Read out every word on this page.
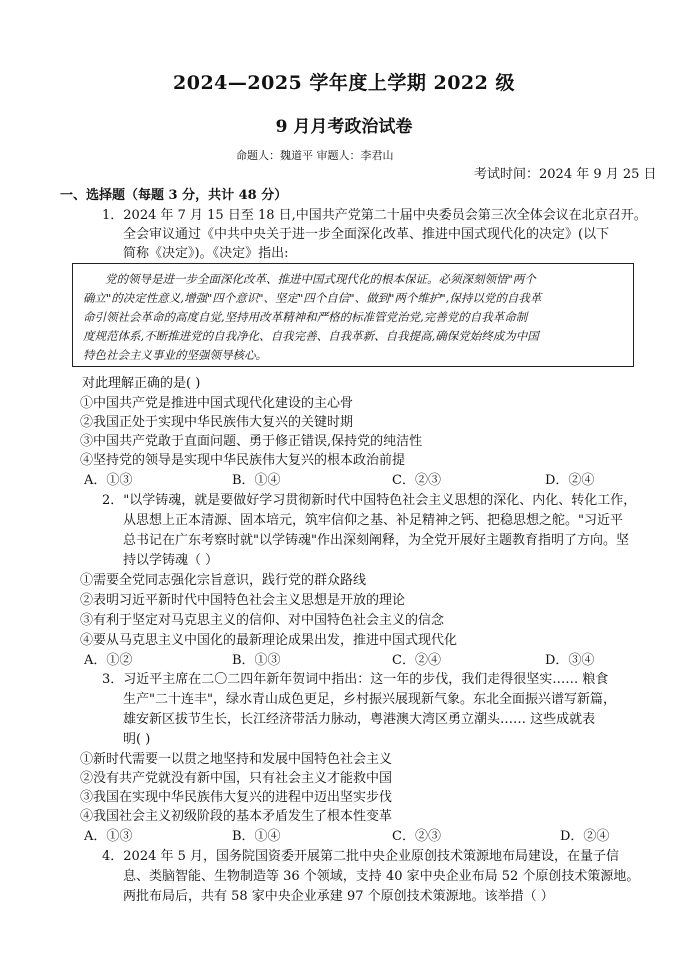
2024—2025 学年度上学期 2022 级
9 月月考政治试卷
命题人：魏道平 审题人：李君山
考试时间：2024 年 9 月 25 日
一、选择题（每题 3 分，共计 48 分）
1．2024 年 7 月 15 日至 18 日,中国共产党第二十届中央委员会第三次全体会议在北京召开。
全会审议通过《中共中央关于进一步全面深化改革、推进中国式现代化的决定》(以下
简称《决定》)。《决定》指出:
党的领导是进一步全面深化改革、推进中国式现代化的根本保证。必须深刻领悟"两个
确立"的决定性意义,增强"四个意识"、坚定"四个自信"、做到"两个维护",保持以党的自我革
命引领社会革命的高度自觉,坚持用改革精神和严格的标准管党治党,完善党的自我革命制
度规范体系,不断推进党的自我净化、自我完善、自我革新、自我提高,确保党始终成为中国
特色社会主义事业的坚强领导核心。
对此理解正确的是( )
①中国共产党是推进中国式现代化建设的主心骨
②我国正处于实现中华民族伟大复兴的关键时期
③中国共产党敢于直面问题、勇于修正错误,保持党的纯洁性
④坚持党的领导是实现中华民族伟大复兴的根本政治前提
A．①③	B．①④	C．②③	D．②④
2．"以学铸魂，就是要做好学习贯彻新时代中国特色社会主义思想的深化、内化、转化工作，
从思想上正本清源、固本培元，筑牢信仰之基、补足精神之钙、把稳思想之舵。"习近平
总书记在广东考察时就"以学铸魂"作出深刻阐释，为全党开展好主题教育指明了方向。坚
持以学铸魂（ ）
①需要全党同志强化宗旨意识，践行党的群众路线
②表明习近平新时代中国特色社会主义思想是开放的理论
③有利于坚定对马克思主义的信仰、对中国特色社会主义的信念
④要从马克思主义中国化的最新理论成果出发，推进中国式现代化
A．①②	B．①③	C．②④	D．③④
3．习近平主席在二〇二四年新年贺词中指出：这一年的步伐，我们走得很坚实…… 粮食
生产"二十连丰"，绿水青山成色更足，乡村振兴展现新气象。东北全面振兴谱写新篇，
雄安新区拔节生长，长江经济带活力脉动，粤港澳大湾区勇立潮头…… 这些成就表
明( )
①新时代需要一以贯之地坚持和发展中国特色社会主义
②没有共产党就没有新中国，只有社会主义才能救中国
③我国在实现中华民族伟大复兴的进程中迈出坚实步伐
④我国社会主义初级阶段的基本矛盾发生了根本性变革
A．①③	B．①④	C．②③	D．②④
4．2024 年 5 月，国务院国资委开展第二批中央企业原创技术策源地布局建设，在量子信
息、类脑智能、生物制造等 36 个领域，支持 40 家中央企业布局 52 个原创技术策源地。
两批布局后，共有 58 家中央企业承建 97 个原创技术策源地。该举措（ ）
